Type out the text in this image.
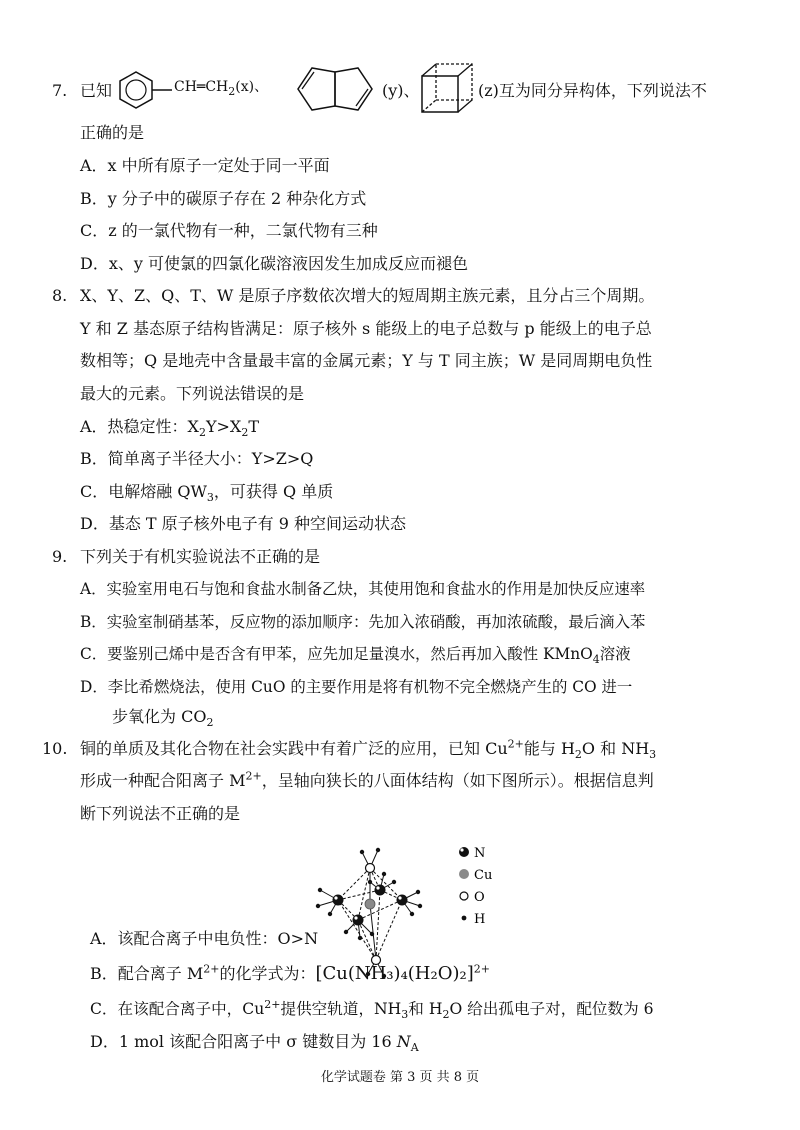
7. 已知	$CH═CH_2(x)$、	(y)、	(z)互为同分异构体，下列说法不
正确的是
A．x 中所有原子一定处于同一平面
B．y 分子中的碳原子存在 2 种杂化方式
C．z 的一氯代物有一种，二氯代物有三种
D．x、y 可使氯的四氯化碳溶液因发生加成反应而褪色
8. X、Y、Z、Q、T、W 是原子序数依次增大的短周期主族元素，且分占三个周期。
Y 和 Z 基态原子结构皆满足：原子核外 s 能级上的电子总数与 p 能级上的电子总
数相等；Q 是地壳中含量最丰富的金属元素；Y 与 T 同主族；W 是同周期电负性
最大的元素。下列说法错误的是
A．热稳定性：$X_2Y>X_2T$
B．简单离子半径大小：Y>Z>Q
C．电解熔融 $QW_3$，可获得 Q 单质
D．基态 T 原子核外电子有 9 种空间运动状态
9. 下列关于有机实验说法不正确的是
A．实验室用电石与饱和食盐水制备乙炔，其使用饱和食盐水的作用是加快反应速率
B．实验室制硝基苯，反应物的添加顺序：先加入浓硝酸，再加浓硫酸，最后滴入苯
C．要鉴别己烯中是否含有甲苯，应先加足量溴水，然后再加入酸性 KMnO$_4$溶液
D．李比希燃烧法，使用 CuO 的主要作用是将有机物不完全燃烧产生的 CO 进一
步氧化为 $CO_2$
10. 铜的单质及其化合物在社会实践中有着广泛的应用，已知 $Cu^{2+}$能与 $H_2O$ 和 $NH_3$
形成一种配合阳离子 $M^{2+}$，呈轴向狭长的八面体结构（如下图所示）。根据信息判
断下列说法不正确的是
N
Cu
O
H
A．该配合离子中电负性：O>N
B．配合离子 $M^{2+}$的化学式为：$[Cu(NH_3)_4(H_2O)_2]^{2+}$
C．在该配合离子中，$Cu^{2+}$提供空轨道，$NH_3$和 $H_2O$ 给出孤电子对，配位数为 6
D．1 mol 该配合阳离子中 σ 键数目为 16 $N_A$
化学试题卷 第 3 页 共 8 页
